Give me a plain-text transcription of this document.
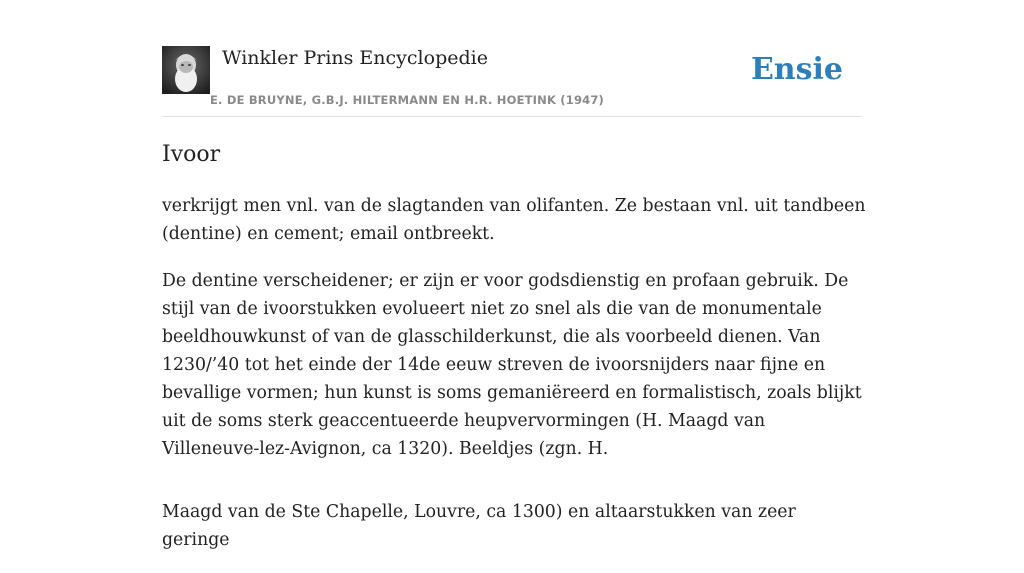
Winkler Prins Encyclopedie
E. DE BRUYNE, G.B.J. HILTERMANN EN H.R. HOETINK (1947)
Ensie
Ivoor

verkrijgt men vnl. van de slagtanden van olifanten. Ze bestaan vnl. uit tandbeen (dentine) en cement; email ontbreekt.

De dentine verscheidener; er zijn er voor godsdienstig en profaan gebruik. De stijl van de ivoorstukken evolueert niet zo snel als die van de monumentale beeldhouwkunst of van de glasschilderkunst, die als voorbeeld dienen. Van 1230/’40 tot het einde der 14de eeuw streven de ivoorsnijders naar fijne en bevallige vormen; hun kunst is soms gemaniëreerd en formalistisch, zoals blijkt uit de soms sterk geaccentueerde heupvervormingen (H. Maagd van Villeneuve-lez-Avignon, ca 1320). Beeldjes (zgn. H.

Maagd van de Ste Chapelle, Louvre, ca 1300) en altaarstukken van zeer geringe
